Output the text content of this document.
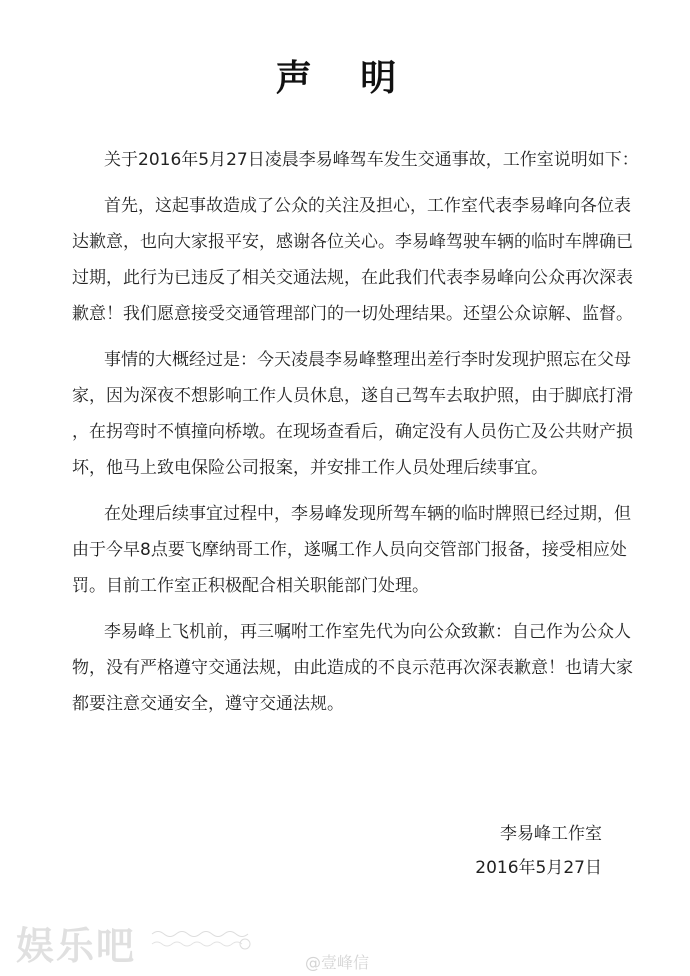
声 明
关于2016年5月27日凌晨李易峰驾车发生交通事故，工作室说明如下：
首先，这起事故造成了公众的关注及担心，工作室代表李易峰向各位表
达歉意，也向大家报平安，感谢各位关心。李易峰驾驶车辆的临时车牌确已
过期，此行为已违反了相关交通法规，在此我们代表李易峰向公众再次深表
歉意！我们愿意接受交通管理部门的一切处理结果。还望公众谅解、监督。
事情的大概经过是：今天凌晨李易峰整理出差行李时发现护照忘在父母
家，因为深夜不想影响工作人员休息，遂自己驾车去取护照，由于脚底打滑
，在拐弯时不慎撞向桥墩。在现场查看后，确定没有人员伤亡及公共财产损
坏，他马上致电保险公司报案，并安排工作人员处理后续事宜。
在处理后续事宜过程中，李易峰发现所驾车辆的临时牌照已经过期，但
由于今早8点要飞摩纳哥工作，遂嘱工作人员向交管部门报备，接受相应处
罚。目前工作室正积极配合相关职能部门处理。
李易峰上飞机前，再三嘱咐工作室先代为向公众致歉：自己作为公众人
物，没有严格遵守交通法规，由此造成的不良示范再次深表歉意！也请大家
都要注意交通安全，遵守交通法规。
李易峰工作室
2016年5月27日
娱乐吧	@壹峰信
